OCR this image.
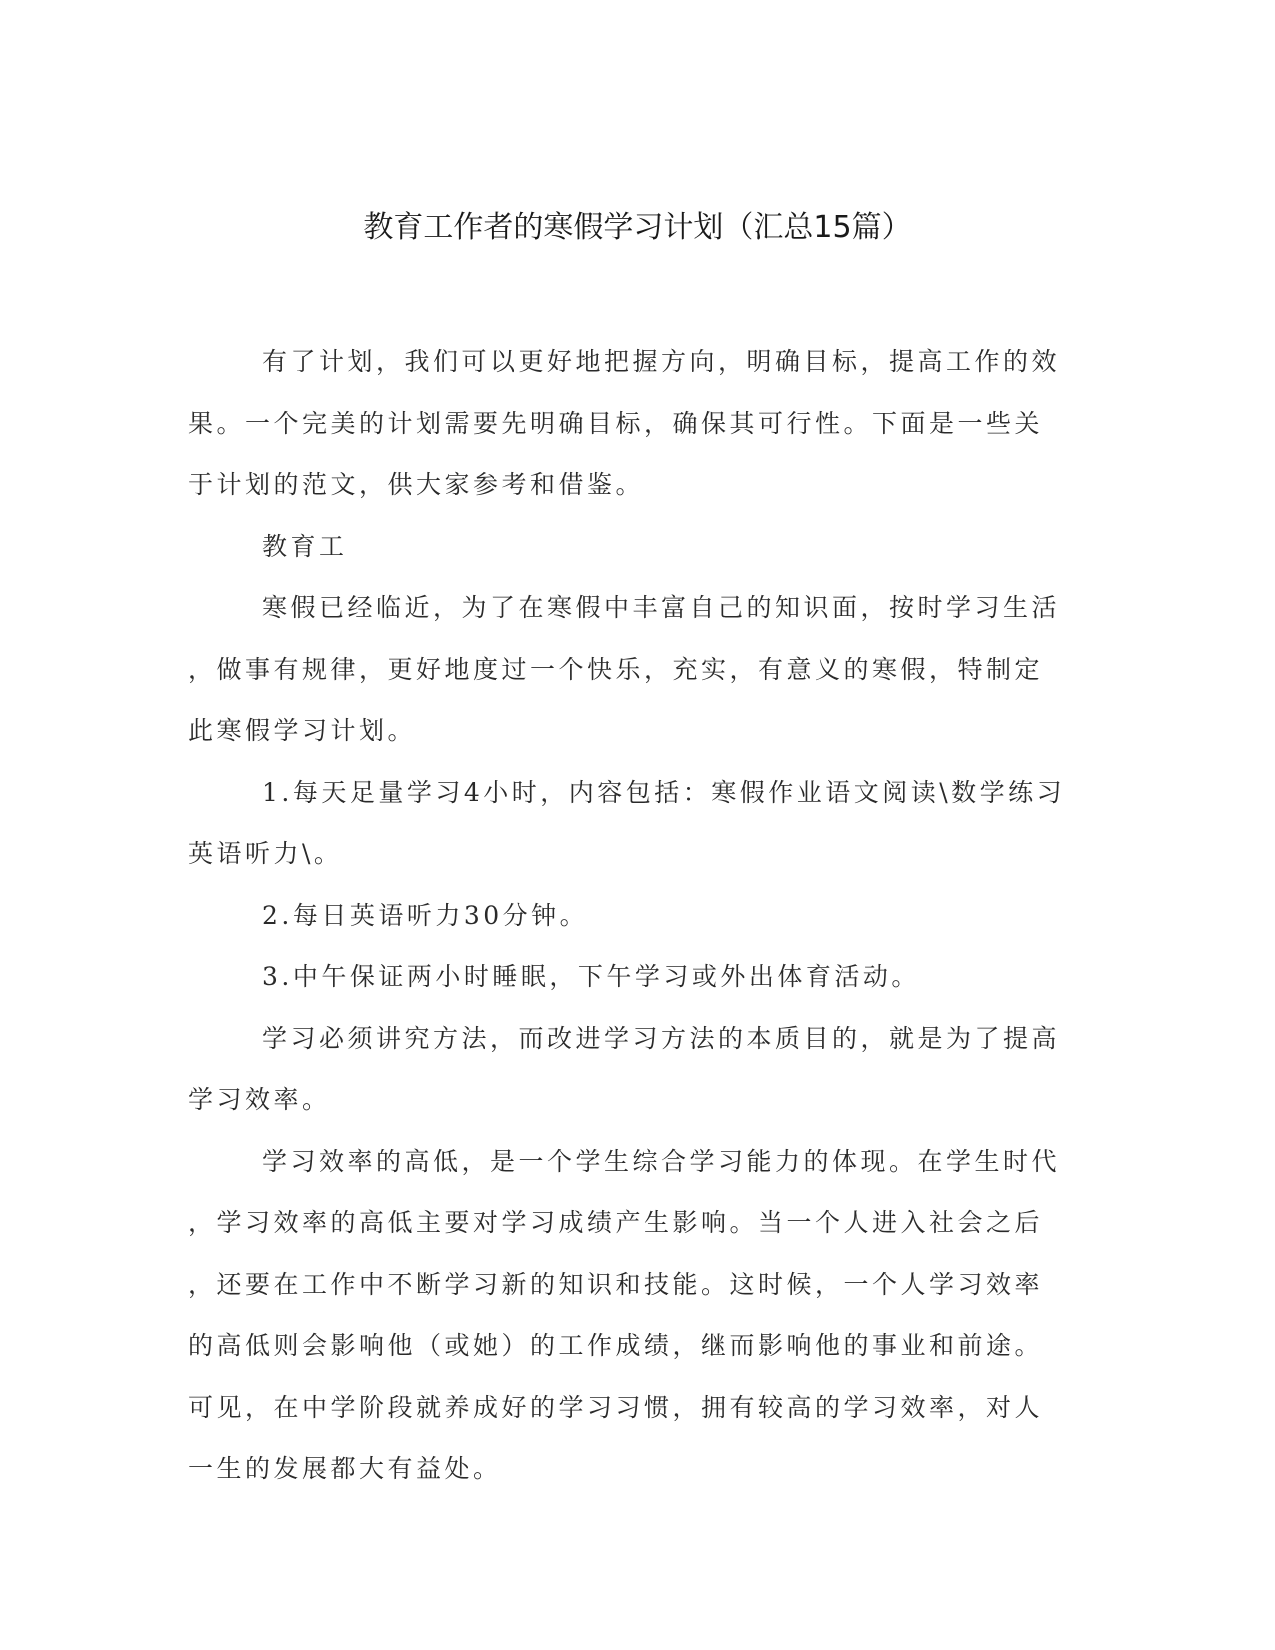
教育工作者的寒假学习计划（汇总15篇）

有了计划，我们可以更好地把握方向，明确目标，提高工作的效
果。一个完美的计划需要先明确目标，确保其可行性。下面是一些关
于计划的范文，供大家参考和借鉴。

教育工

寒假已经临近，为了在寒假中丰富自己的知识面，按时学习生活
，做事有规律，更好地度过一个快乐，充实，有意义的寒假，特制定
此寒假学习计划。

1.每天足量学习4小时，内容包括：寒假作业语文阅读\数学练习
英语听力\。

2.每日英语听力30分钟。

3.中午保证两小时睡眠，下午学习或外出体育活动。

学习必须讲究方法，而改进学习方法的本质目的，就是为了提高
学习效率。

学习效率的高低，是一个学生综合学习能力的体现。在学生时代
，学习效率的高低主要对学习成绩产生影响。当一个人进入社会之后
，还要在工作中不断学习新的知识和技能。这时候，一个人学习效率
的高低则会影响他（或她）的工作成绩，继而影响他的事业和前途。
可见，在中学阶段就养成好的学习习惯，拥有较高的学习效率，对人
一生的发展都大有益处。
